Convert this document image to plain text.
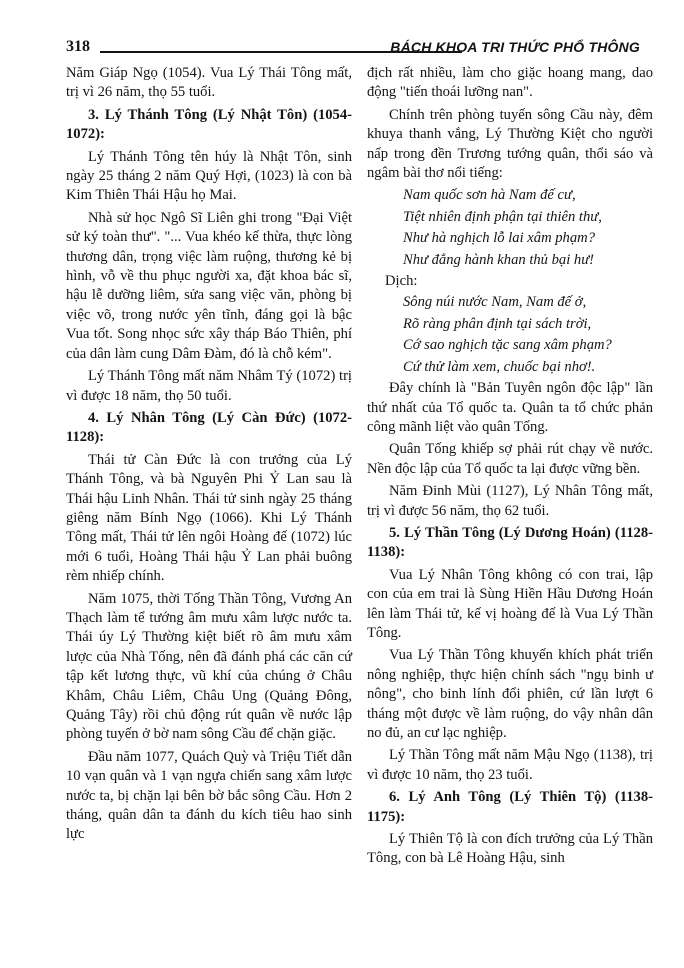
318	BÁCH KHOA TRI THỨC PHỔ THÔNG

Năm Giáp Ngọ (1054). Vua Lý Thái Tông mất, trị vì 26 năm, thọ 55 tuổi.

3. Lý Thánh Tông (Lý Nhật Tôn) (1054-1072):

Lý Thánh Tông tên húy là Nhật Tôn, sinh ngày 25 tháng 2 năm Quý Hợi, (1023) là con bà Kim Thiên Thái Hậu họ Mai.

Nhà sử học Ngô Sĩ Liên ghi trong "Đại Việt sử ký toàn thư". "... Vua khéo kế thừa, thực lòng thương dân, trọng việc làm ruộng, thương kẻ bị hình, vỗ về thu phục người xa, đặt khoa bác sĩ, hậu lễ dưỡng liêm, sửa sang việc văn, phòng bị việc võ, trong nước yên tĩnh, đáng gọi là bậc Vua tốt. Song nhọc sức xây tháp Báo Thiên, phí của dân làm cung Dâm Đàm, đó là chỗ kém".

Lý Thánh Tông mất năm Nhâm Tý (1072) trị vì được 18 năm, thọ 50 tuổi.

4. Lý Nhân Tông (Lý Càn Đức) (1072-1128):

Thái tử Càn Đức là con trưởng của Lý Thánh Tông, và bà Nguyên Phi Ỷ Lan sau là Thái hậu Linh Nhân. Thái tử sinh ngày 25 tháng giêng năm Bính Ngọ (1066). Khi Lý Thánh Tông mất, Thái tử lên ngôi Hoàng đế (1072) lúc mới 6 tuổi, Hoàng Thái hậu Ỷ Lan phải buông rèm nhiếp chính.

Năm 1075, thời Tống Thần Tông, Vương An Thạch làm tể tướng âm mưu xâm lược nước ta. Thái úy Lý Thường kiệt biết rõ âm mưu xâm lược của Nhà Tống, nên đã đánh phá các căn cứ tập kết lương thực, vũ khí của chúng ở Châu Khâm, Châu Liêm, Châu Ung (Quảng Đông, Quảng Tây) rồi chủ động rút quân về nước lập phòng tuyến ở bờ nam sông Cầu để chặn giặc.

Đầu năm 1077, Quách Quỳ và Triệu Tiết dẫn 10 vạn quân và 1 vạn ngựa chiến sang xâm lược nước ta, bị chặn lại bên bờ bắc sông Cầu. Hơn 2 tháng, quân dân ta đánh du kích tiêu hao sinh lực

địch rất nhiều, làm cho giặc hoang mang, dao động "tiến thoái lưỡng nan".

Chính trên phòng tuyến sông Cầu này, đêm khuya thanh vắng, Lý Thường Kiệt cho người nấp trong đền Trương tướng quân, thổi sáo và ngâm bài thơ nổi tiếng:

Nam quốc sơn hà Nam đế cư,

Tiệt nhiên định phận tại thiên thư,

Như hà nghịch lỗ lai xâm phạm?

Như đẳng hành khan thủ bại hư!

Dịch:

Sông núi nước Nam, Nam đế ở,

Rõ ràng phân định tại sách trời,

Cớ sao nghịch tặc sang xâm phạm?

Cứ thử làm xem, chuốc bại nhơ!.

Đây chính là "Bản Tuyên ngôn độc lập" lần thứ nhất của Tổ quốc ta. Quân ta tổ chức phản công mãnh liệt vào quân Tống.

Quân Tống khiếp sợ phải rút chạy về nước. Nền độc lập của Tổ quốc ta lại được vững bền.

Năm Đinh Mùi (1127), Lý Nhân Tông mất, trị vì được 56 năm, thọ 62 tuổi.

5. Lý Thần Tông (Lý Dương Hoán) (1128-1138):

Vua Lý Nhân Tông không có con trai, lập con của em trai là Sùng Hiền Hầu Dương Hoán lên làm Thái tử, kế vị hoàng đế là Vua Lý Thần Tông.

Vua Lý Thần Tông khuyến khích phát triển nông nghiệp, thực hiện chính sách "ngụ binh ư nông", cho binh lính đổi phiên, cứ lần lượt 6 tháng một được về làm ruộng, do vậy nhân dân no đủ, an cư lạc nghiệp.

Lý Thần Tông mất năm Mậu Ngọ (1138), trị vì được 10 năm, thọ 23 tuổi.

6. Lý Anh Tông (Lý Thiên Tộ) (1138-1175):

Lý Thiên Tộ là con đích trưởng của Lý Thần Tông, con bà Lê Hoàng Hậu, sinh
